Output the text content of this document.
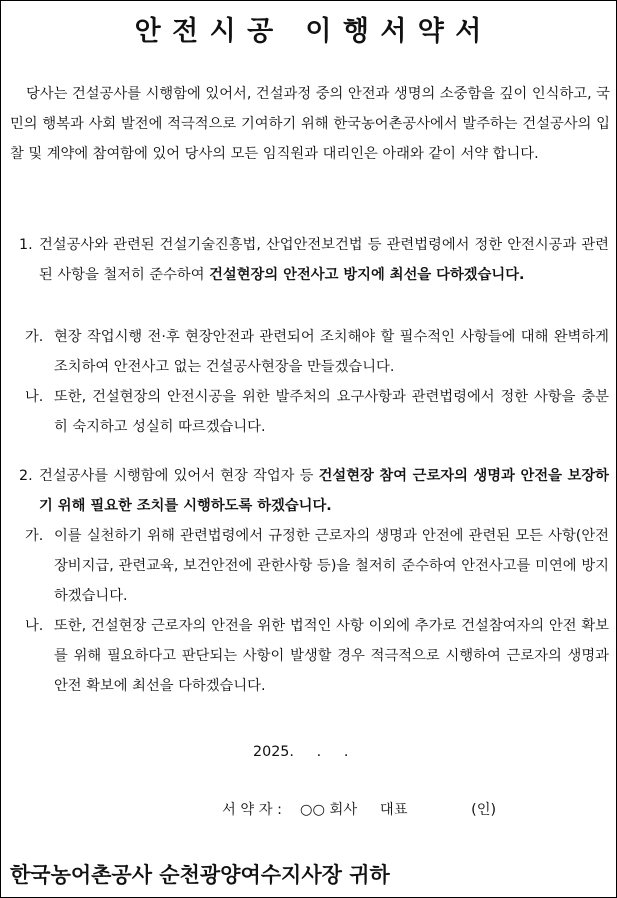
안 전 시 공   이 행 서 약 서
당사는 건설공사를 시행함에 있어서, 건설과정 중의 안전과 생명의 소중함을 깊이 인식하고, 국민의 행복과 사회 발전에 적극적으로 기여하기 위해 한국농어촌공사에서 발주하는 건설공사의 입찰 및 계약에 참여함에 있어 당사의 모든 임직원과 대리인은 아래와 같이 서약 합니다.
1. 건설공사와 관련된 건설기술진흥법, 산업안전보건법 등 관련법령에서 정한 안전시공과 관련된 사항을 철저히 준수하여 건설현장의 안전사고 방지에 최선을 다하겠습니다.
가. 현장 작업시행 전·후 현장안전과 관련되어 조치해야 할 필수적인 사항들에 대해 완벽하게 조치하여 안전사고 없는 건설공사현장을 만들겠습니다.
나. 또한, 건설현장의 안전시공을 위한 발주처의 요구사항과 관련법령에서 정한 사항을 충분히 숙지하고 성실히 따르겠습니다.
2. 건설공사를 시행함에 있어서 현장 작업자 등 건설현장 참여 근로자의 생명과 안전을 보장하기 위해 필요한 조치를 시행하도록 하겠습니다.
가. 이를 실천하기 위해 관련법령에서 규정한 근로자의 생명과 안전에 관련된 모든 사항(안전장비지급, 관련교육, 보건안전에 관한사항 등)을 철저히 준수하여 안전사고를 미연에 방지 하겠습니다.
나. 또한, 건설현장 근로자의 안전을 위한 법적인 사항 이외에 추가로 건설참여자의 안전 확보를 위해 필요하다고 판단되는 사항이 발생할 경우 적극적으로 시행하여 근로자의 생명과 안전 확보에 최선을 다하겠습니다.
2025.     .     .
서 약 자 :    ○○ 회사     대표              (인)
한국농어촌공사 순천광양여수지사장 귀하
